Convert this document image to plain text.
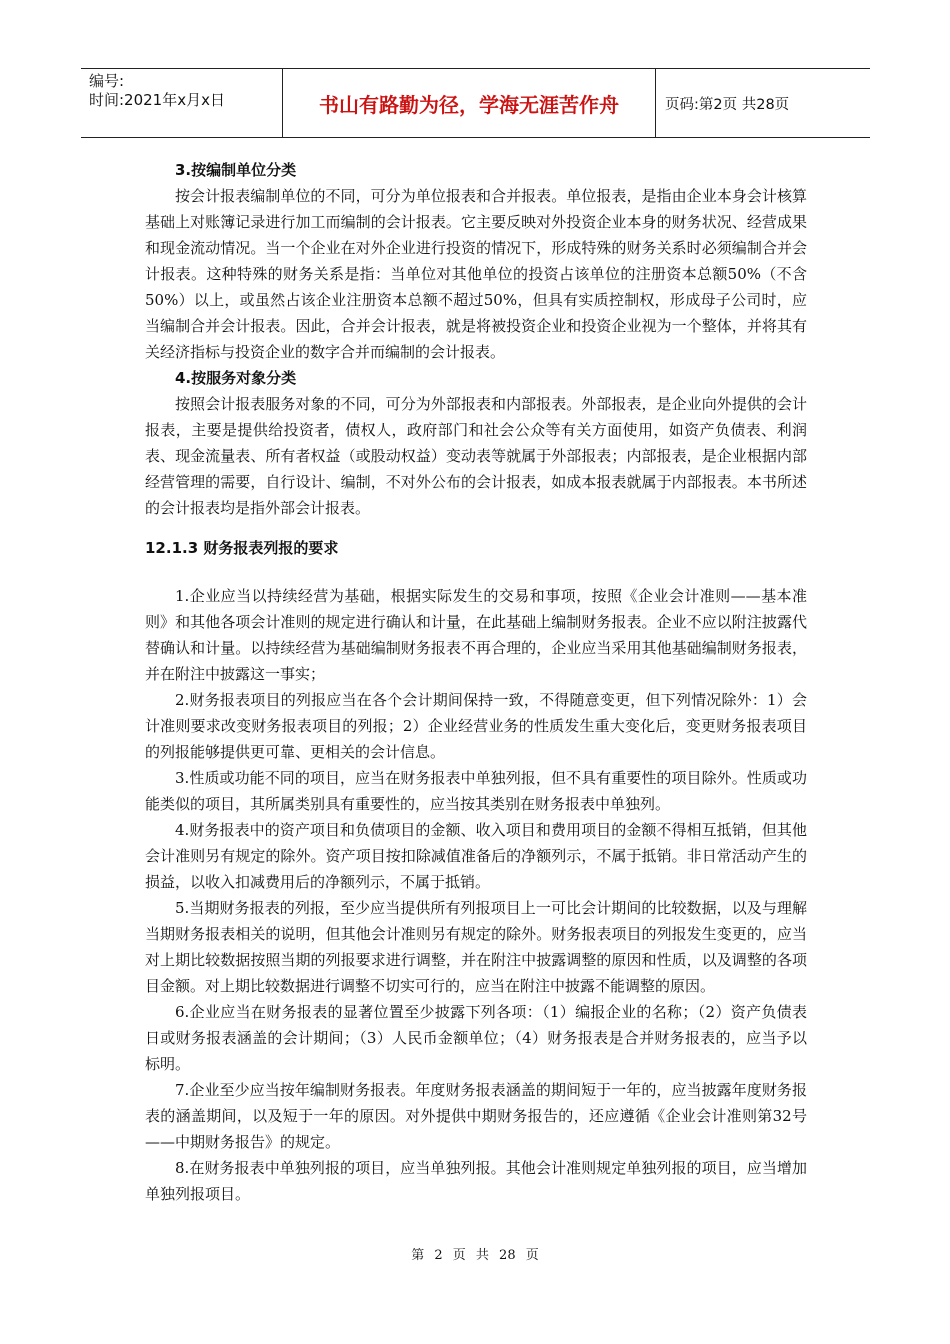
编号:
时间:2021年x月x日	书山有路勤为径，学海无涯苦作舟	页码:第2页 共28页
3.按编制单位分类

按会计报表编制单位的不同，可分为单位报表和合并报表。单位报表，是指由企业本身会计核算基础上对账簿记录进行加工而编制的会计报表。它主要反映对外投资企业本身的财务状况、经营成果和现金流动情况。当一个企业在对外企业进行投资的情况下，形成特殊的财务关系时必须编制合并会计报表。这种特殊的财务关系是指：当单位对其他单位的投资占该单位的注册资本总额50%（不含50%）以上，或虽然占该企业注册资本总额不超过50%，但具有实质控制权，形成母子公司时，应当编制合并会计报表。因此，合并会计报表，就是将被投资企业和投资企业视为一个整体，并将其有关经济指标与投资企业的数字合并而编制的会计报表。

4.按服务对象分类

按照会计报表服务对象的不同，可分为外部报表和内部报表。外部报表，是企业向外提供的会计报表，主要是提供给投资者，债权人，政府部门和社会公众等有关方面使用，如资产负债表、利润表、现金流量表、所有者权益（或股动权益）变动表等就属于外部报表；内部报表，是企业根据内部经营管理的需要，自行设计、编制，不对外公布的会计报表，如成本报表就属于内部报表。本书所述的会计报表均是指外部会计报表。

12.1.3 财务报表列报的要求

1.企业应当以持续经营为基础，根据实际发生的交易和事项，按照《企业会计准则——基本准则》和其他各项会计准则的规定进行确认和计量，在此基础上编制财务报表。企业不应以附注披露代替确认和计量。以持续经营为基础编制财务报表不再合理的，企业应当采用其他基础编制财务报表，并在附注中披露这一事实；

2.财务报表项目的列报应当在各个会计期间保持一致，不得随意变更，但下列情况除外：1）会计准则要求改变财务报表项目的列报；2）企业经营业务的性质发生重大变化后，变更财务报表项目的列报能够提供更可靠、更相关的会计信息。

3.性质或功能不同的项目，应当在财务报表中单独列报，但不具有重要性的项目除外。性质或功能类似的项目，其所属类别具有重要性的，应当按其类别在财务报表中单独列。

4.财务报表中的资产项目和负债项目的金额、收入项目和费用项目的金额不得相互抵销，但其他会计准则另有规定的除外。资产项目按扣除减值准备后的净额列示，不属于抵销。非日常活动产生的损益，以收入扣减费用后的净额列示，不属于抵销。

5.当期财务报表的列报，至少应当提供所有列报项目上一可比会计期间的比较数据，以及与理解当期财务报表相关的说明，但其他会计准则另有规定的除外。财务报表项目的列报发生变更的，应当对上期比较数据按照当期的列报要求进行调整，并在附注中披露调整的原因和性质，以及调整的各项目金额。对上期比较数据进行调整不切实可行的，应当在附注中披露不能调整的原因。

6.企业应当在财务报表的显著位置至少披露下列各项：（1）编报企业的名称；（2）资产负债表日或财务报表涵盖的会计期间；（3）人民币金额单位；（4）财务报表是合并财务报表的，应当予以标明。

7.企业至少应当按年编制财务报表。年度财务报表涵盖的期间短于一年的，应当披露年度财务报表的涵盖期间，以及短于一年的原因。对外提供中期财务报告的，还应遵循《企业会计准则第32号——中期财务报告》的规定。

8.在财务报表中单独列报的项目，应当单独列报。其他会计准则规定单独列报的项目，应当增加单独列报项目。

第 2 页 共 28 页
